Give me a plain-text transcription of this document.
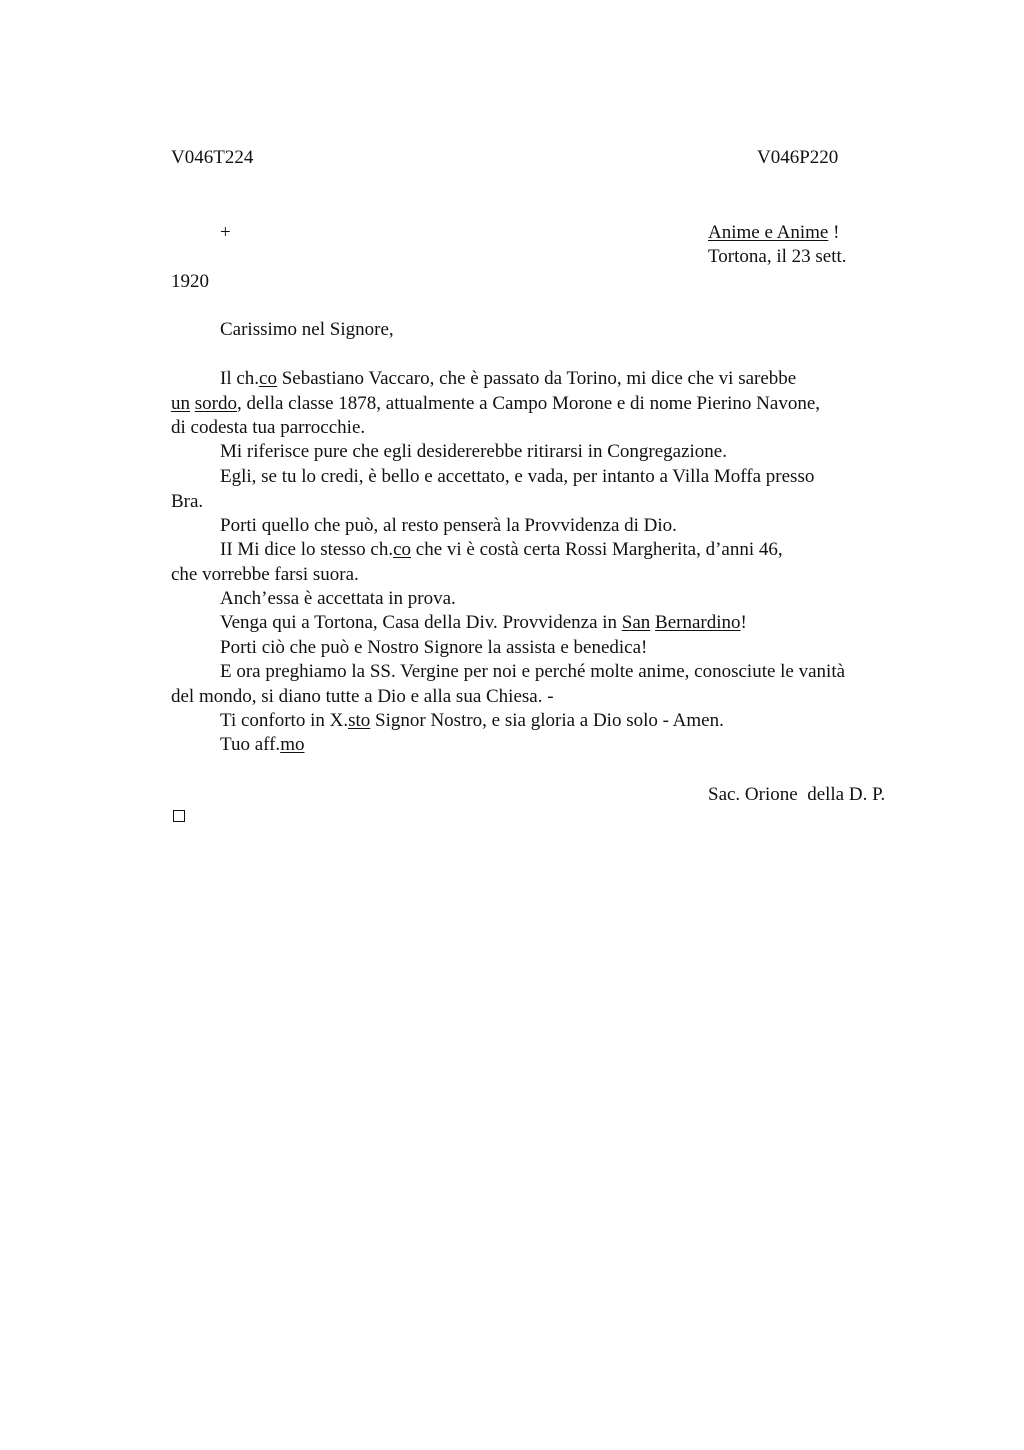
V046T224	V046P220
+	Anime e Anime !
Tortona, il 23 sett.
1920
Carissimo nel Signore,
Il ch.co Sebastiano Vaccaro, che è passato da Torino, mi dice che vi sarebbe
un sordo, della classe 1878, attualmente a Campo Morone e di nome Pierino Navone,
di codesta tua parrocchie.
Mi riferisce pure che egli desidererebbe ritirarsi in Congregazione.
Egli, se tu lo credi, è bello e accettato, e vada, per intanto a Villa Moffa presso
Bra.
Porti quello che può, al resto penserà la Provvidenza di Dio.
II Mi dice lo stesso ch.co che vi è costà certa Rossi Margherita, d’anni 46,
che vorrebbe farsi suora.
Anch’essa è accettata in prova.
Venga qui a Tortona, Casa della Div. Provvidenza in San Bernardino!
Porti ciò che può e Nostro Signore la assista e benedica!
E ora preghiamo la SS. Vergine per noi e perché molte anime, conosciute le vanità
del mondo, si diano tutte a Dio e alla sua Chiesa. -
Ti conforto in X.sto Signor Nostro, e sia gloria a Dio solo - Amen.
Tuo aff.mo
Sac. Orione  della D. P.
